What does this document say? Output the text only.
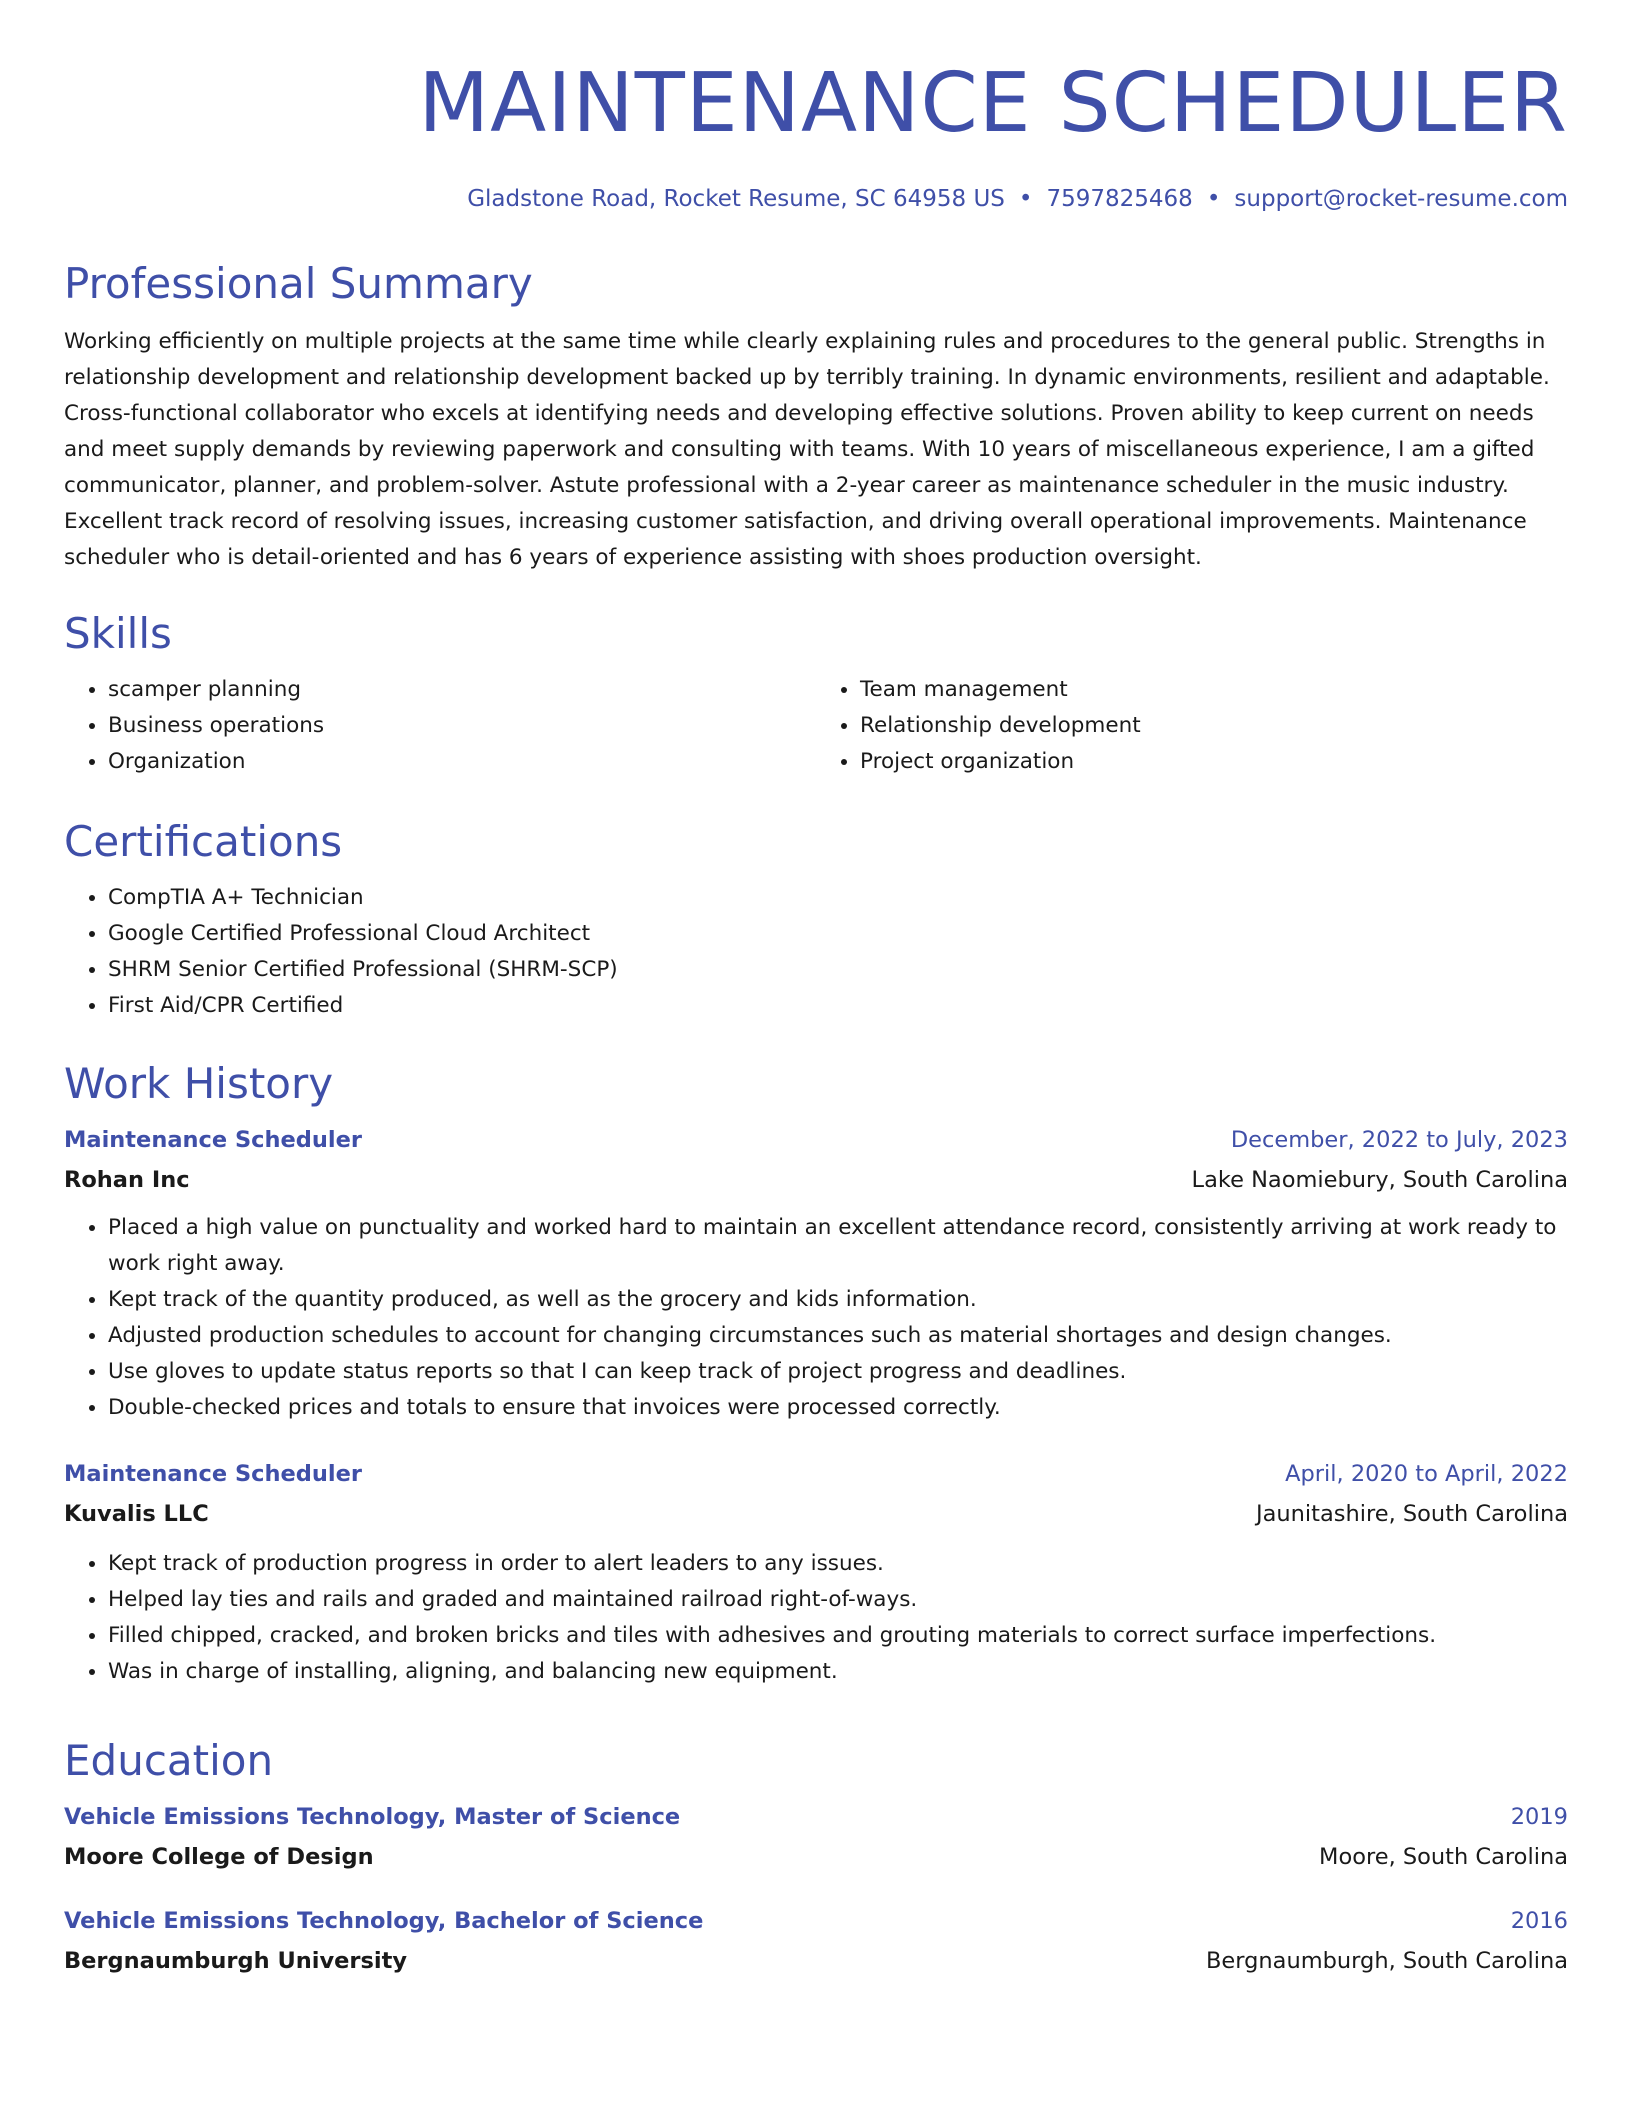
MAINTENANCE SCHEDULER
Gladstone Road, Rocket Resume, SC 64958 US • 7597825468 • support@rocket-resume.com
Professional Summary

Working efficiently on multiple projects at the same time while clearly explaining rules and procedures to the general public. Strengths in relationship development and relationship development backed up by terribly training. In dynamic environments, resilient and adaptable. Cross-functional collaborator who excels at identifying needs and developing effective solutions. Proven ability to keep current on needs and meet supply demands by reviewing paperwork and consulting with teams. With 10 years of miscellaneous experience, I am a gifted communicator, planner, and problem-solver. Astute professional with a 2-year career as maintenance scheduler in the music industry. Excellent track record of resolving issues, increasing customer satisfaction, and driving overall operational improvements. Maintenance scheduler who is detail-oriented and has 6 years of experience assisting with shoes production oversight.

Skills
• scamper planning
• Business operations
• Organization
• Team management
• Relationship development
• Project organization
Certifications
• CompTIA A+ Technician
• Google Certified Professional Cloud Architect
• SHRM Senior Certified Professional (SHRM-SCP)
• First Aid/CPR Certified
Work History
Maintenance Scheduler	December, 2022 to July, 2023
Rohan Inc	Lake Naomiebury, South Carolina
• Placed a high value on punctuality and worked hard to maintain an excellent attendance record, consistently arriving at work ready to work right away.
• Kept track of the quantity produced, as well as the grocery and kids information.
• Adjusted production schedules to account for changing circumstances such as material shortages and design changes.
• Use gloves to update status reports so that I can keep track of project progress and deadlines.
• Double-checked prices and totals to ensure that invoices were processed correctly.
Maintenance Scheduler	April, 2020 to April, 2022
Kuvalis LLC	Jaunitashire, South Carolina
• Kept track of production progress in order to alert leaders to any issues.
• Helped lay ties and rails and graded and maintained railroad right-of-ways.
• Filled chipped, cracked, and broken bricks and tiles with adhesives and grouting materials to correct surface imperfections.
• Was in charge of installing, aligning, and balancing new equipment.
Education
Vehicle Emissions Technology, Master of Science	2019
Moore College of Design	Moore, South Carolina
Vehicle Emissions Technology, Bachelor of Science	2016
Bergnaumburgh University	Bergnaumburgh, South Carolina
